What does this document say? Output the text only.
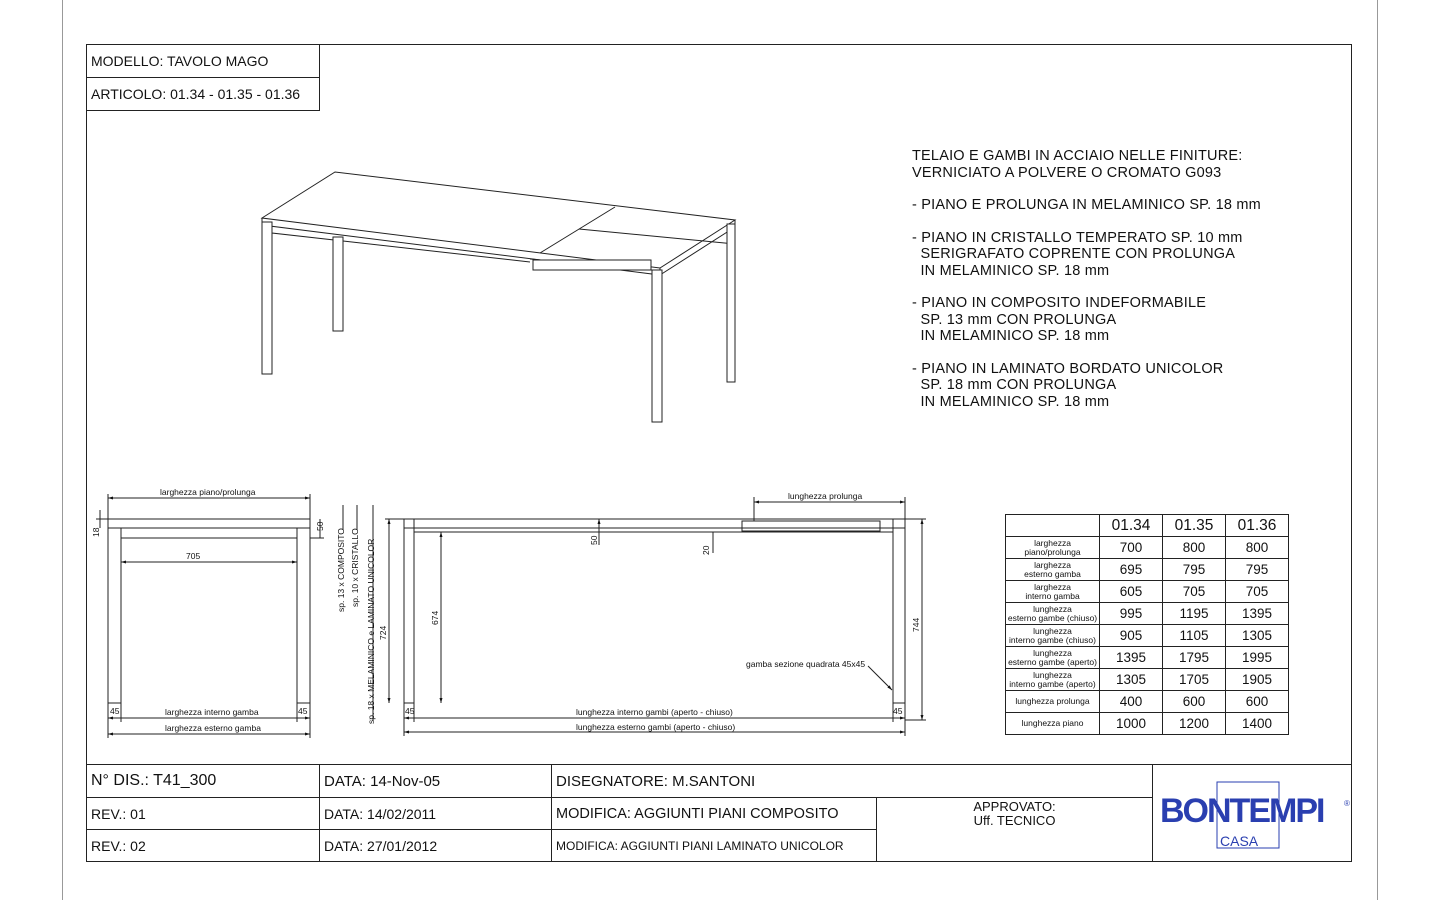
MODELLO: TAVOLO MAGO
ARTICOLO: 01.34 - 01.35 - 01.36
TELAIO E GAMBI IN ACCIAIO NELLE FINITURE:
VERNICIATO A POLVERE O CROMATO G093
- PIANO E PROLUNGA IN MELAMINICO SP. 18 mm
- PIANO IN CRISTALLO TEMPERATO SP. 10 mm
SERIGRAFATO COPRENTE CON PROLUNGA
IN MELAMINICO SP. 18 mm
- PIANO IN COMPOSITO INDEFORMABILE
SP. 13 mm CON PROLUNGA
IN MELAMINICO SP. 18 mm
- PIANO IN LAMINATO BORDATO UNICOLOR
SP. 18 mm CON PROLUNGA
IN MELAMINICO SP. 18 mm
larghezza piano/prolunga
18
50
705
45	45
larghezza interno gamba
larghezza esterno gamba
sp. 13 x COMPOSITO sp. 10 x CRISTALLO sp. 18 x MELAMINICO e LAMINATO UNICOLOR 724
lunghezza prolunga
50
20
674	744
gamba sezione quadrata 45x45
45	45
lunghezza interno gambi (aperto - chiuso)
lunghezza esterno gambi (aperto - chiuso)
	01.34	01.35	01.36
larghezza
piano/prolunga	700	800	800
larghezza
esterno gamba	695	795	795
larghezza
interno gamba	605	705	705
lunghezza
esterno gambe (chiuso)	995	1195	1395
lunghezza
interno gambe (chiuso)	905	1105	1305
lunghezza
esterno gambe (aperto)	1395	1795	1995
lunghezza
interno gambe (aperto)	1305	1705	1905
lunghezza prolunga	400	600	600
lunghezza piano	1000	1200	1400
N° DIS.: T41_300	DATA: 14-Nov-05	DISEGNATORE: M.SANTONI
REV.: 01	DATA: 14/02/2011	MODIFICA: AGGIUNTI PIANI COMPOSITO
REV.: 02	DATA: 27/01/2012	MODIFICA: AGGIUNTI PIANI LAMINATO UNICOLOR
APPROVATO:
Uff. TECNICO	BONTEMPI	®
CASA
